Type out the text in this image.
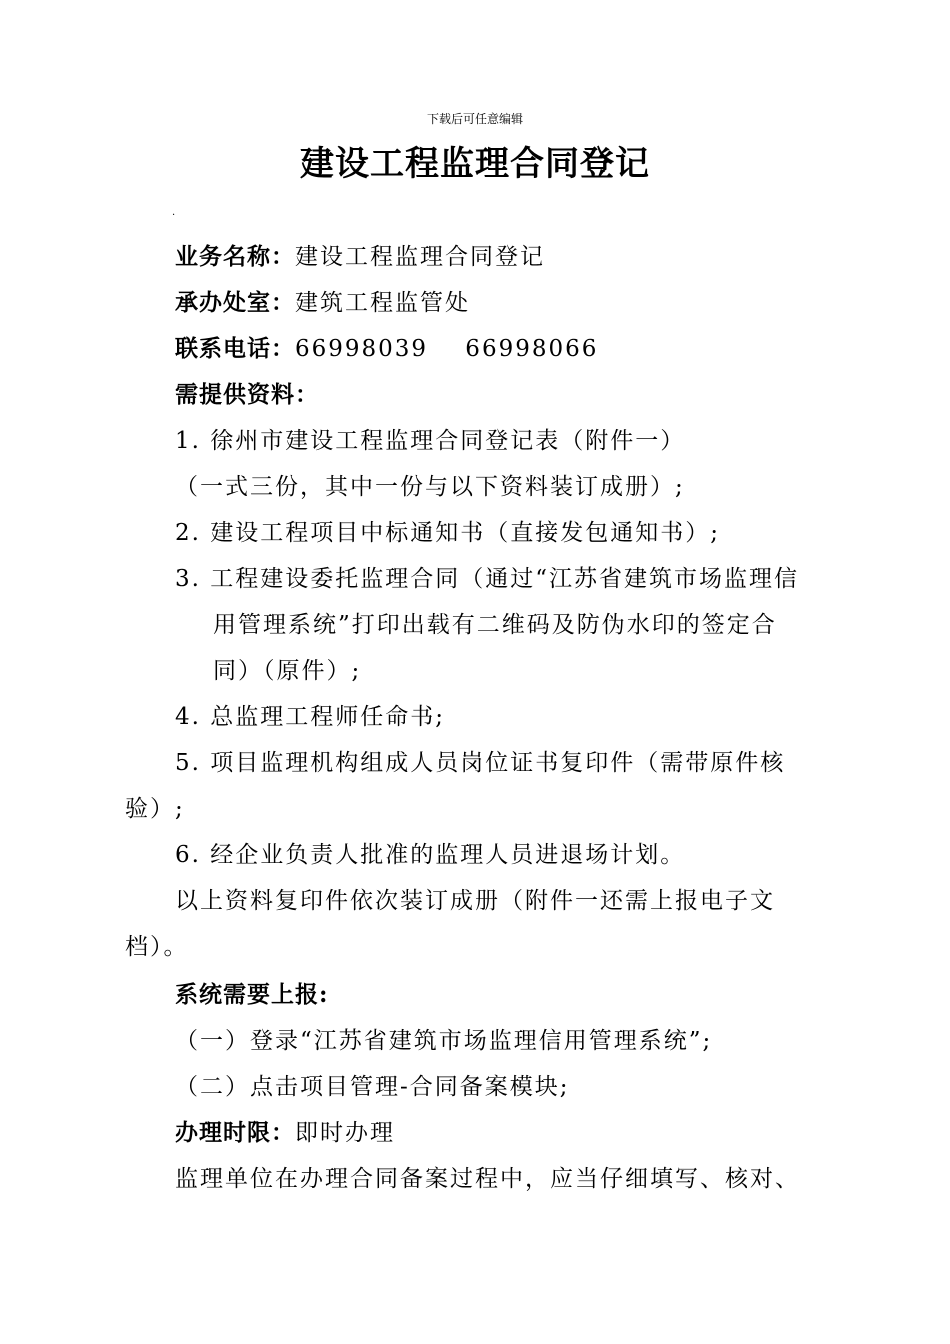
下载后可任意编辑
建设工程监理合同登记
.
业务名称：建设工程监理合同登记
承办处室：建筑工程监管处
联系电话：66998039    66998066
需提供资料：
1. 徐州市建设工程监理合同登记表（附件一）
（一式三份，其中一份与以下资料装订成册）;
2. 建设工程项目中标通知书（直接发包通知书）;
3. 工程建设委托监理合同（通过“江苏省建筑市场监理信
用管理系统”打印出载有二维码及防伪水印的签定合
同）（原件）;
4. 总监理工程师任命书;
5. 项目监理机构组成人员岗位证书复印件（需带原件核
验）;
6. 经企业负责人批准的监理人员进退场计划。
以上资料复印件依次装订成册（附件一还需上报电子文
档）。
系统需要上报:
（一）登录“江苏省建筑市场监理信用管理系统”;
（二）点击项目管理-合同备案模块;
办理时限：即时办理
监理单位在办理合同备案过程中，应当仔细填写、核对、
